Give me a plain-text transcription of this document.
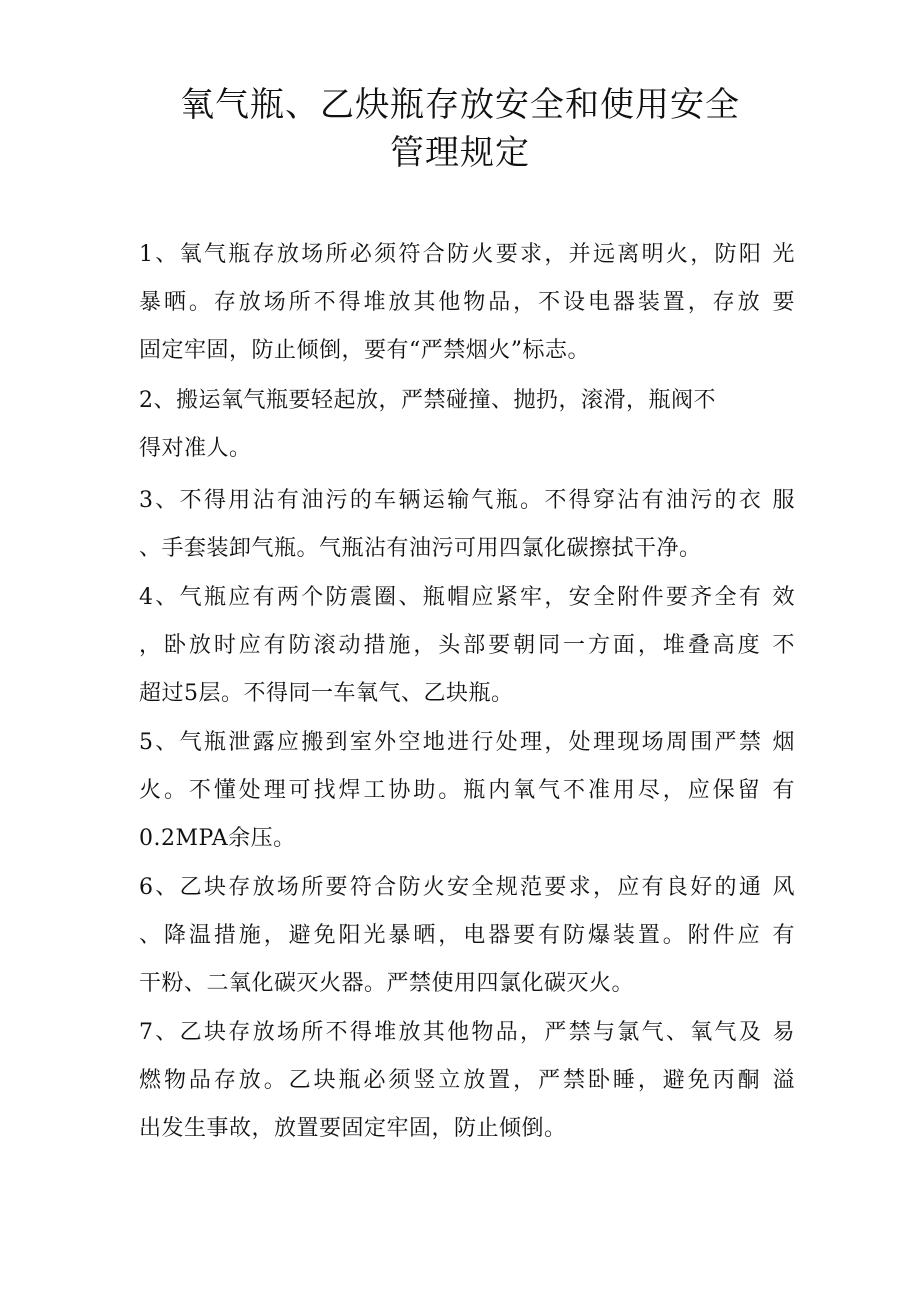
氧气瓶、乙炔瓶存放安全和使用安全
管理规定
1、氧气瓶存放场所必须符合防火要求，并远离明火，防阳 光
暴晒。存放场所不得堆放其他物品，不设电器装置，存放 要
固定牢固，防止倾倒，要有“严禁烟火”标志。
2、搬运氧气瓶要轻起放，严禁碰撞、抛扔，滚滑，瓶阀不
得对准人。
3、不得用沾有油污的车辆运输气瓶。不得穿沾有油污的衣 服
、手套装卸气瓶。气瓶沾有油污可用四氯化碳擦拭干净。
4、气瓶应有两个防震圈、瓶帽应紧牢，安全附件要齐全有 效
，卧放时应有防滚动措施，头部要朝同一方面，堆叠高度 不
超过5层。不得同一车氧气、乙块瓶。
5、气瓶泄露应搬到室外空地进行处理，处理现场周围严禁 烟
火。不懂处理可找焊工协助。瓶内氧气不准用尽，应保留 有
0.2MPA余压。
6、乙块存放场所要符合防火安全规范要求，应有良好的通 风
、降温措施，避免阳光暴晒，电器要有防爆装置。附件应 有
干粉、二氧化碳灭火器。严禁使用四氯化碳灭火。
7、乙块存放场所不得堆放其他物品，严禁与氯气、氧气及 易
燃物品存放。乙块瓶必须竖立放置，严禁卧睡，避免丙酮 溢
出发生事故，放置要固定牢固，防止倾倒。
